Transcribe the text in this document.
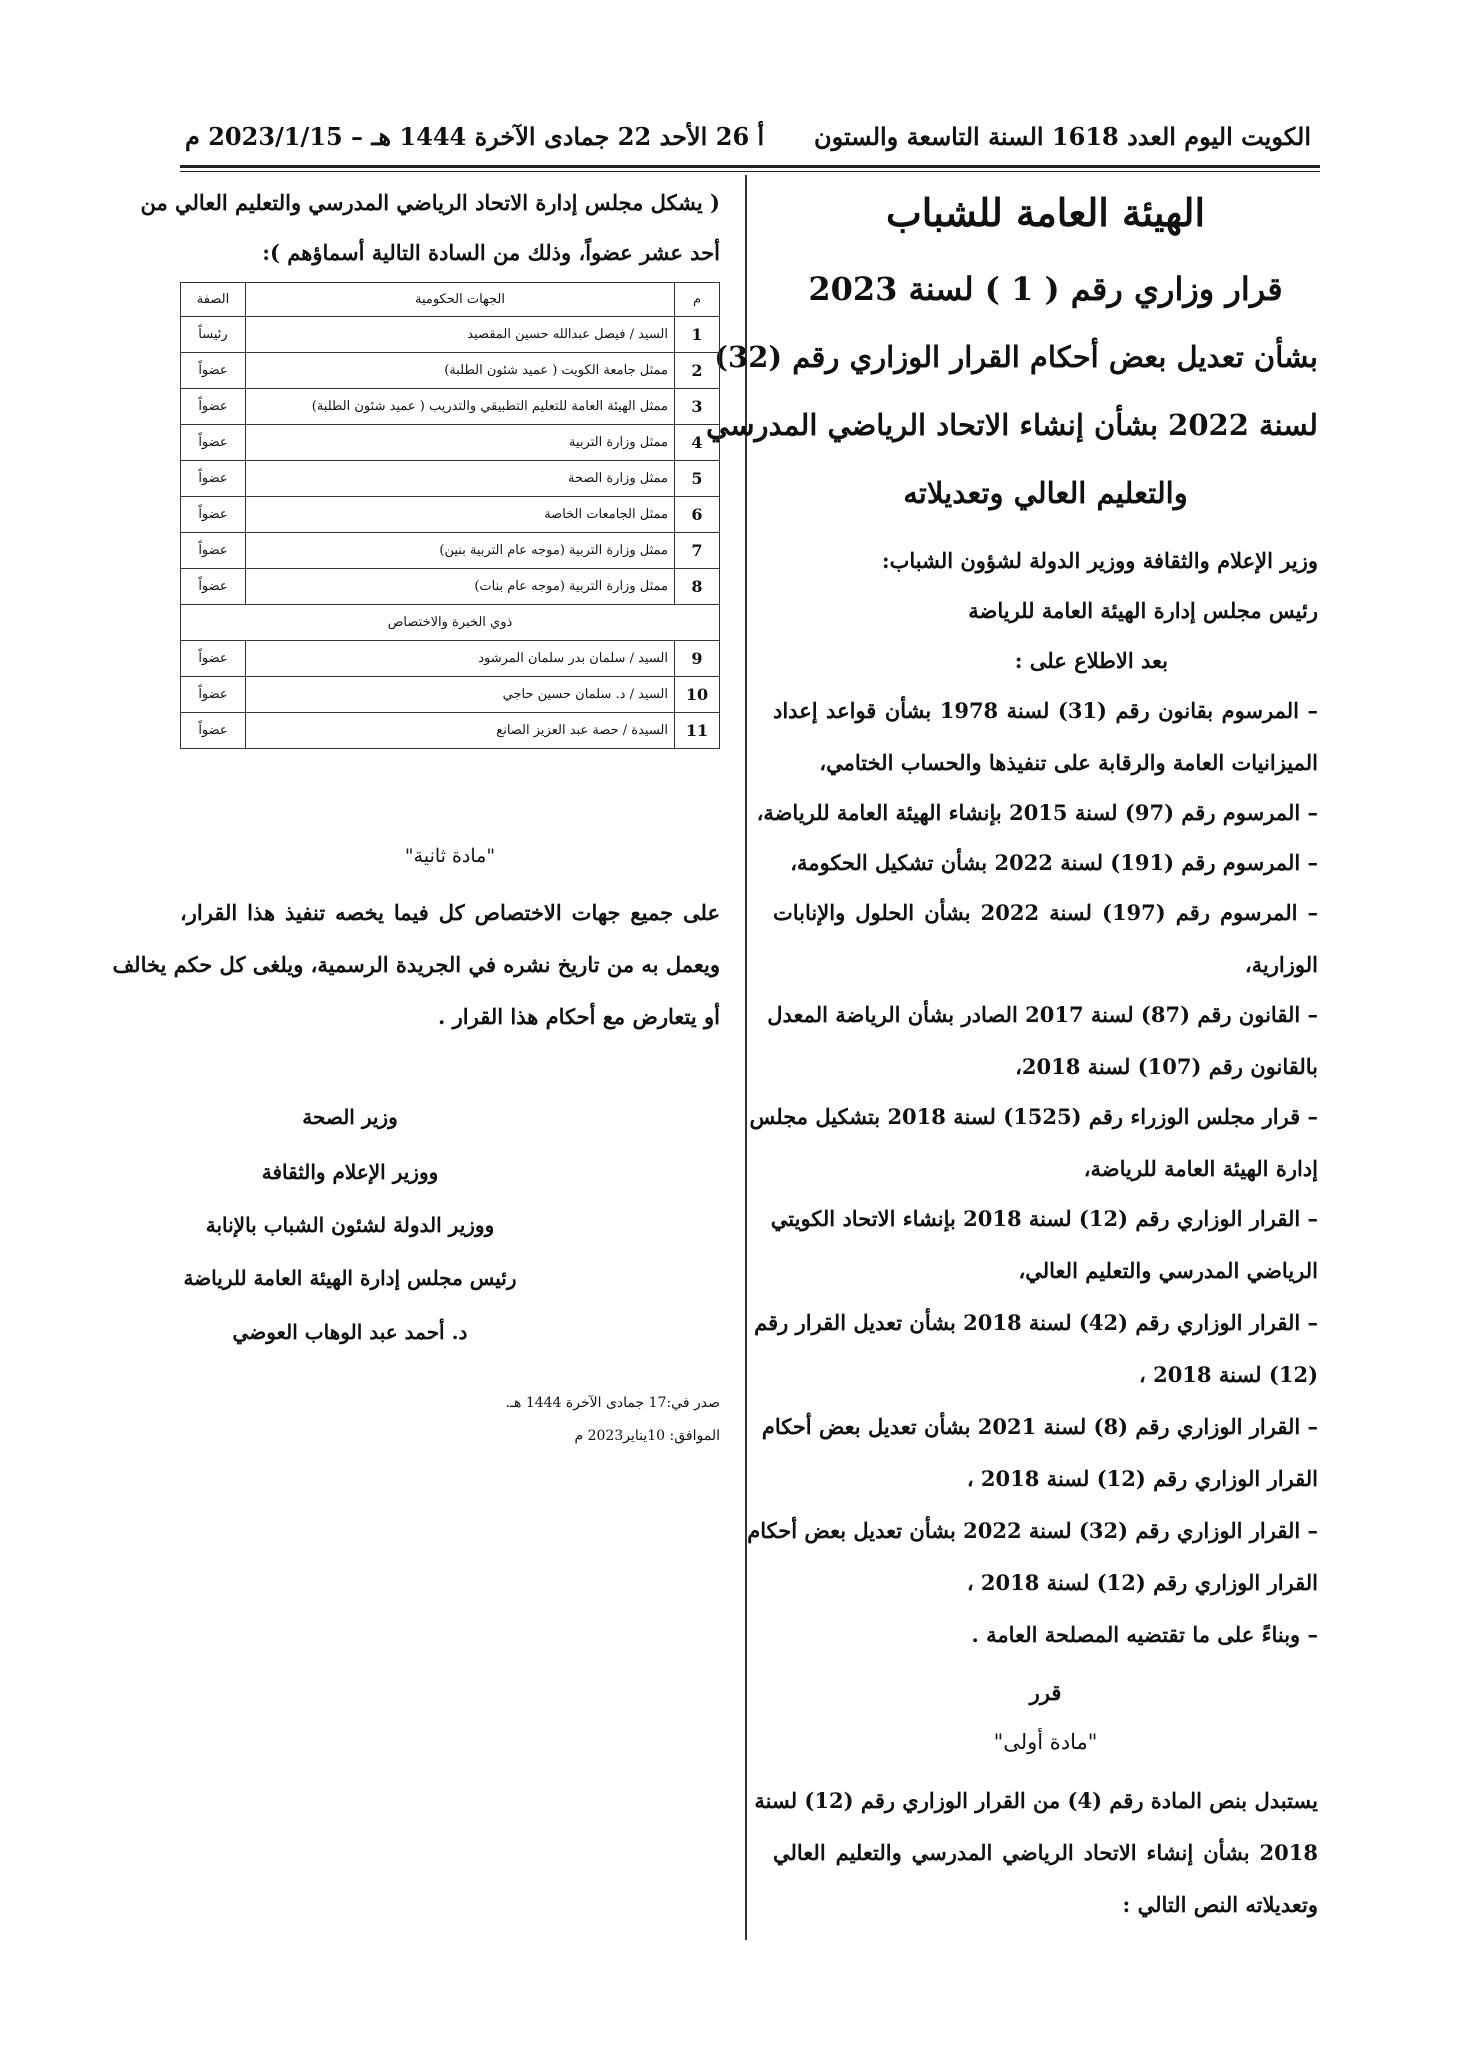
الكويت اليوم العدد 1618 السنة التاسعة والستون
أ 26
الأحد 22 جمادى الآخرة 1444 هـ – 2023/1/15 م
الهيئة العامة للشباب
قرار وزاري رقم ( 1 ) لسنة 2023
بشأن تعديل بعض أحكام القرار الوزاري رقم (32)
لسنة 2022 بشأن إنشاء الاتحاد الرياضي المدرسي
والتعليم العالي وتعديلاته
وزير الإعلام والثقافة ووزير الدولة لشؤون الشباب:
رئيس مجلس إدارة الهيئة العامة للرياضة
بعد الاطلاع على :
– المرسوم بقانون رقم (31) لسنة 1978 بشأن قواعد إعداد
الميزانيات العامة والرقابة على تنفيذها والحساب الختامي،
– المرسوم رقم (97) لسنة 2015 بإنشاء الهيئة العامة للرياضة،
– المرسوم رقم (191) لسنة 2022 بشأن تشكيل الحكومة،
– المرسوم رقم (197) لسنة 2022 بشأن الحلول والإنابات
الوزارية،
– القانون رقم (87) لسنة 2017 الصادر بشأن الرياضة المعدل
بالقانون رقم (107) لسنة 2018،
– قرار مجلس الوزراء رقم (1525) لسنة 2018 بتشكيل مجلس
إدارة الهيئة العامة للرياضة،
– القرار الوزاري رقم (12) لسنة 2018 بإنشاء الاتحاد الكويتي
الرياضي المدرسي والتعليم العالي،
– القرار الوزاري رقم (42) لسنة 2018 بشأن تعديل القرار رقم
(12) لسنة 2018 ،
– القرار الوزاري رقم (8) لسنة 2021 بشأن تعديل بعض أحكام
القرار الوزاري رقم (12) لسنة 2018 ،
– القرار الوزاري رقم (32) لسنة 2022 بشأن تعديل بعض أحكام
القرار الوزاري رقم (12) لسنة 2018 ،
– وبناءً على ما تقتضيه المصلحة العامة .
قرر
"مادة أولى"
يستبدل بنص المادة رقم (4) من القرار الوزاري رقم (12) لسنة
2018 بشأن إنشاء الاتحاد الرياضي المدرسي والتعليم العالي
وتعديلاته النص التالي :
( يشكل مجلس إدارة الاتحاد الرياضي المدرسي والتعليم العالي من
أحد عشر عضواً، وذلك من السادة التالية أسماؤهم ):
م	الجهات الحكومية	الصفة
1	السيد / فيصل عبدالله حسين المقصيد	رئيساً
2	ممثل جامعة الكويت ( عميد شئون الطلبة)	عضواً
3	ممثل الهيئة العامة للتعليم التطبيقي والتدريب ( عميد شئون الطلبة)	عضواً
4	ممثل وزارة التربية	عضواً
5	ممثل وزارة الصحة	عضواً
6	ممثل الجامعات الخاصة	عضواً
7	ممثل وزارة التربية (موجه عام التربية بنين)	عضواً
8	ممثل وزارة التربية (موجه عام بنات)	عضواً
ذوي الخبرة والاختصاص		
9	السيد / سلمان بدر سلمان المرشود	عضواً
10	السيد / د. سلمان حسين حاجي	عضواً
11	السيدة / حصة عبد العزيز الصانع	عضواً
"مادة ثانية"
على جميع جهات الاختصاص كل فيما يخصه تنفيذ هذا القرار،
ويعمل به من تاريخ نشره في الجريدة الرسمية، ويلغى كل حكم يخالف
أو يتعارض مع أحكام هذا القرار .
وزير الصحة
ووزير الإعلام والثقافة
ووزير الدولة لشئون الشباب بالإنابة
رئيس مجلس إدارة الهيئة العامة للرياضة
د. أحمد عبد الوهاب العوضي
صدر في:17 جمادى الآخرة 1444 هـ.
الموافق: 10يناير2023 م
